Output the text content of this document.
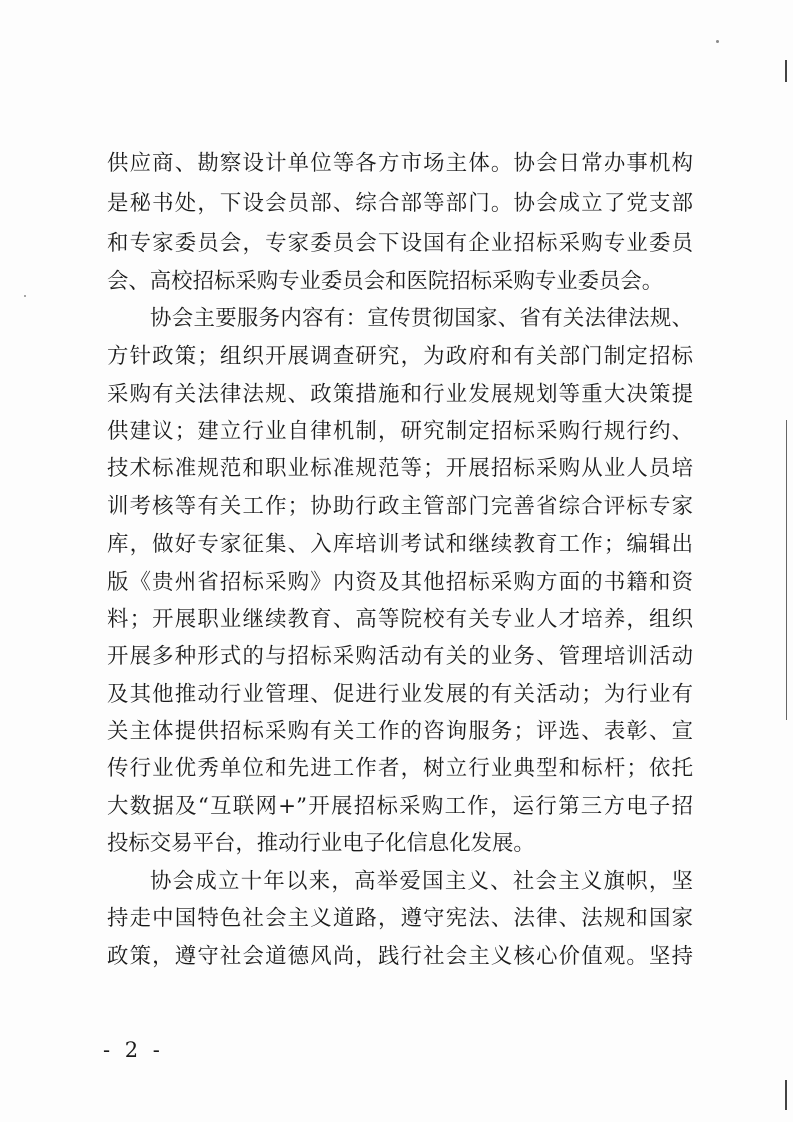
供应商、勘察设计单位等各方市场主体。协会日常办事机构
是秘书处，下设会员部、综合部等部门。协会成立了党支部
和专家委员会，专家委员会下设国有企业招标采购专业委员
会、高校招标采购专业委员会和医院招标采购专业委员会。
协会主要服务内容有：宣传贯彻国家、省有关法律法规、
方针政策；组织开展调查研究，为政府和有关部门制定招标
采购有关法律法规、政策措施和行业发展规划等重大决策提
供建议；建立行业自律机制，研究制定招标采购行规行约、
技术标准规范和职业标准规范等；开展招标采购从业人员培
训考核等有关工作；协助行政主管部门完善省综合评标专家
库，做好专家征集、入库培训考试和继续教育工作；编辑出
版《贵州省招标采购》内资及其他招标采购方面的书籍和资
料；开展职业继续教育、高等院校有关专业人才培养，组织
开展多种形式的与招标采购活动有关的业务、管理培训活动
及其他推动行业管理、促进行业发展的有关活动；为行业有
关主体提供招标采购有关工作的咨询服务；评选、表彰、宣
传行业优秀单位和先进工作者，树立行业典型和标杆；依托
大数据及“互联网+”开展招标采购工作，运行第三方电子招
投标交易平台，推动行业电子化信息化发展。
协会成立十年以来，高举爱国主义、社会主义旗帜，坚
持走中国特色社会主义道路，遵守宪法、法律、法规和国家
政策，遵守社会道德风尚，践行社会主义核心价值观。坚持
- 2 -
